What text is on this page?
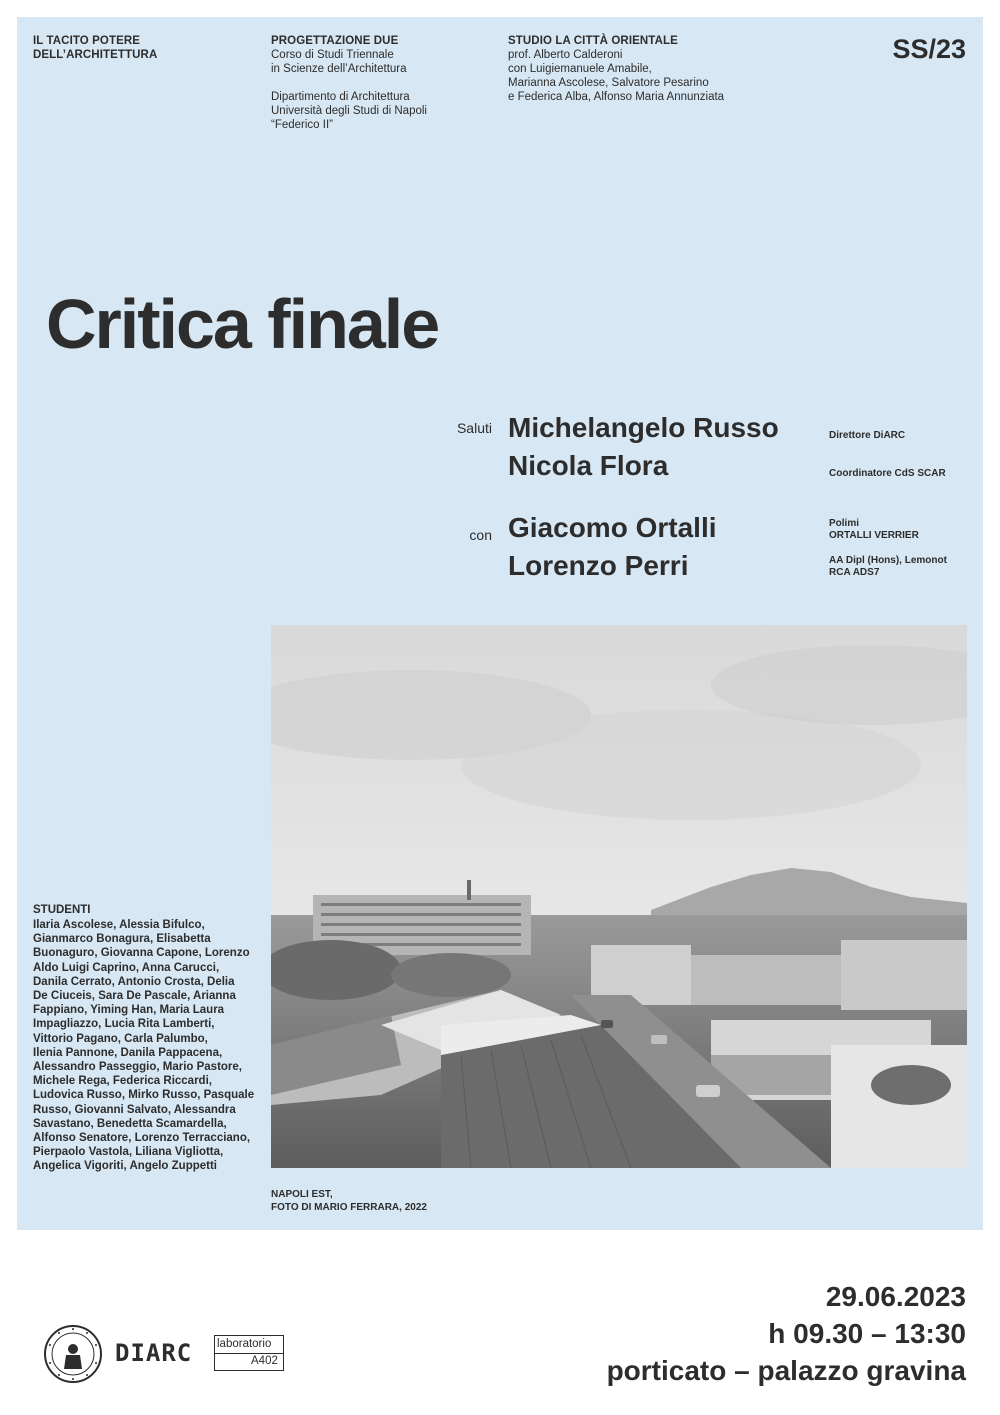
IL TACITO POTERE
DELL’ARCHITETTURA
PROGETTAZIONE DUE
Corso di Studi Triennale
in Scienze dell’Architettura
Dipartimento di Architettura
Università degli Studi di Napoli
“Federico II”
STUDIO LA CITTÀ ORIENTALE
prof. Alberto Calderoni
con Luigiemanuele Amabile,
Marianna Ascolese, Salvatore Pesarino
e Federica Alba, Alfonso Maria Annunziata
SS/23
Critica finale
Saluti Michelangelo Russo	Direttore DiARC
Nicola Flora	Coordinatore CdS SCAR
con Giacomo Ortalli	Polimi
ORTALLI VERRIER
Lorenzo Perri	AA Dipl (Hons), Lemonot
RCA ADS7
NAPOLI EST,
FOTO DI MARIO FERRARA, 2022
STUDENTI
Ilaria Ascolese, Alessia Bifulco,
Gianmarco Bonagura, Elisabetta
Buonaguro, Giovanna Capone, Lorenzo
Aldo Luigi Caprino, Anna Carucci,
Danila Cerrato, Antonio Crosta, Delia
De Ciuceis, Sara De Pascale, Arianna
Fappiano, Yiming Han, Maria Laura
Impagliazzo, Lucia Rita Lamberti,
Vittorio Pagano, Carla Palumbo,
Ilenia Pannone, Danila Pappacena,
Alessandro Passeggio, Mario Pastore,
Michele Rega, Federica Riccardi,
Ludovica Russo, Mirko Russo, Pasquale
Russo, Giovanni Salvato, Alessandra
Savastano, Benedetta Scamardella,
Alfonso Senatore, Lorenzo Terracciano,
Pierpaolo Vastola, Liliana Vigliotta,
Angelica Vigoriti, Angelo Zuppetti
29.06.2023
h 09.30 – 13:30
porticato – palazzo gravina
DIARC laboratorio
A402
